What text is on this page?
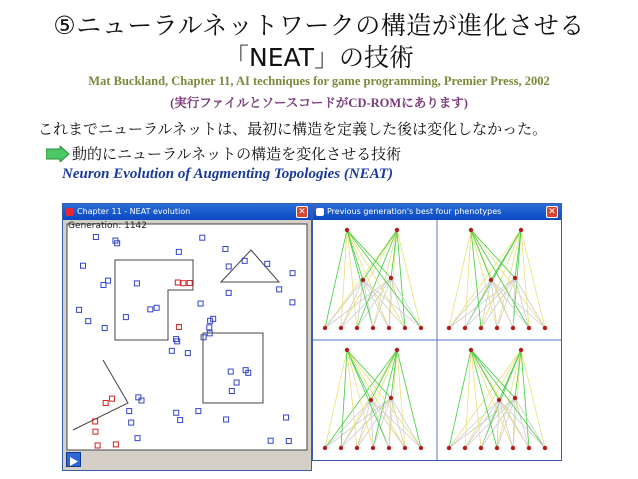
⑤ニューラルネットワークの構造が進化させる
「NEAT」の技術
Mat Buckland, Chapter 11, AI techniques for game programming, Premier Press, 2002
(実行ファイルとソースコードがCD-ROMにあります)
これまでニューラルネットは、最初に構造を定義した後は変化しなかった。
動的にニューラルネットの構造を変化させる技術
Neuron Evolution of Augmenting Topologies (NEAT)
Chapter 11 - NEAT evolution	✕
Generation: 1142
Previous generation's best four phenotypes	✕
